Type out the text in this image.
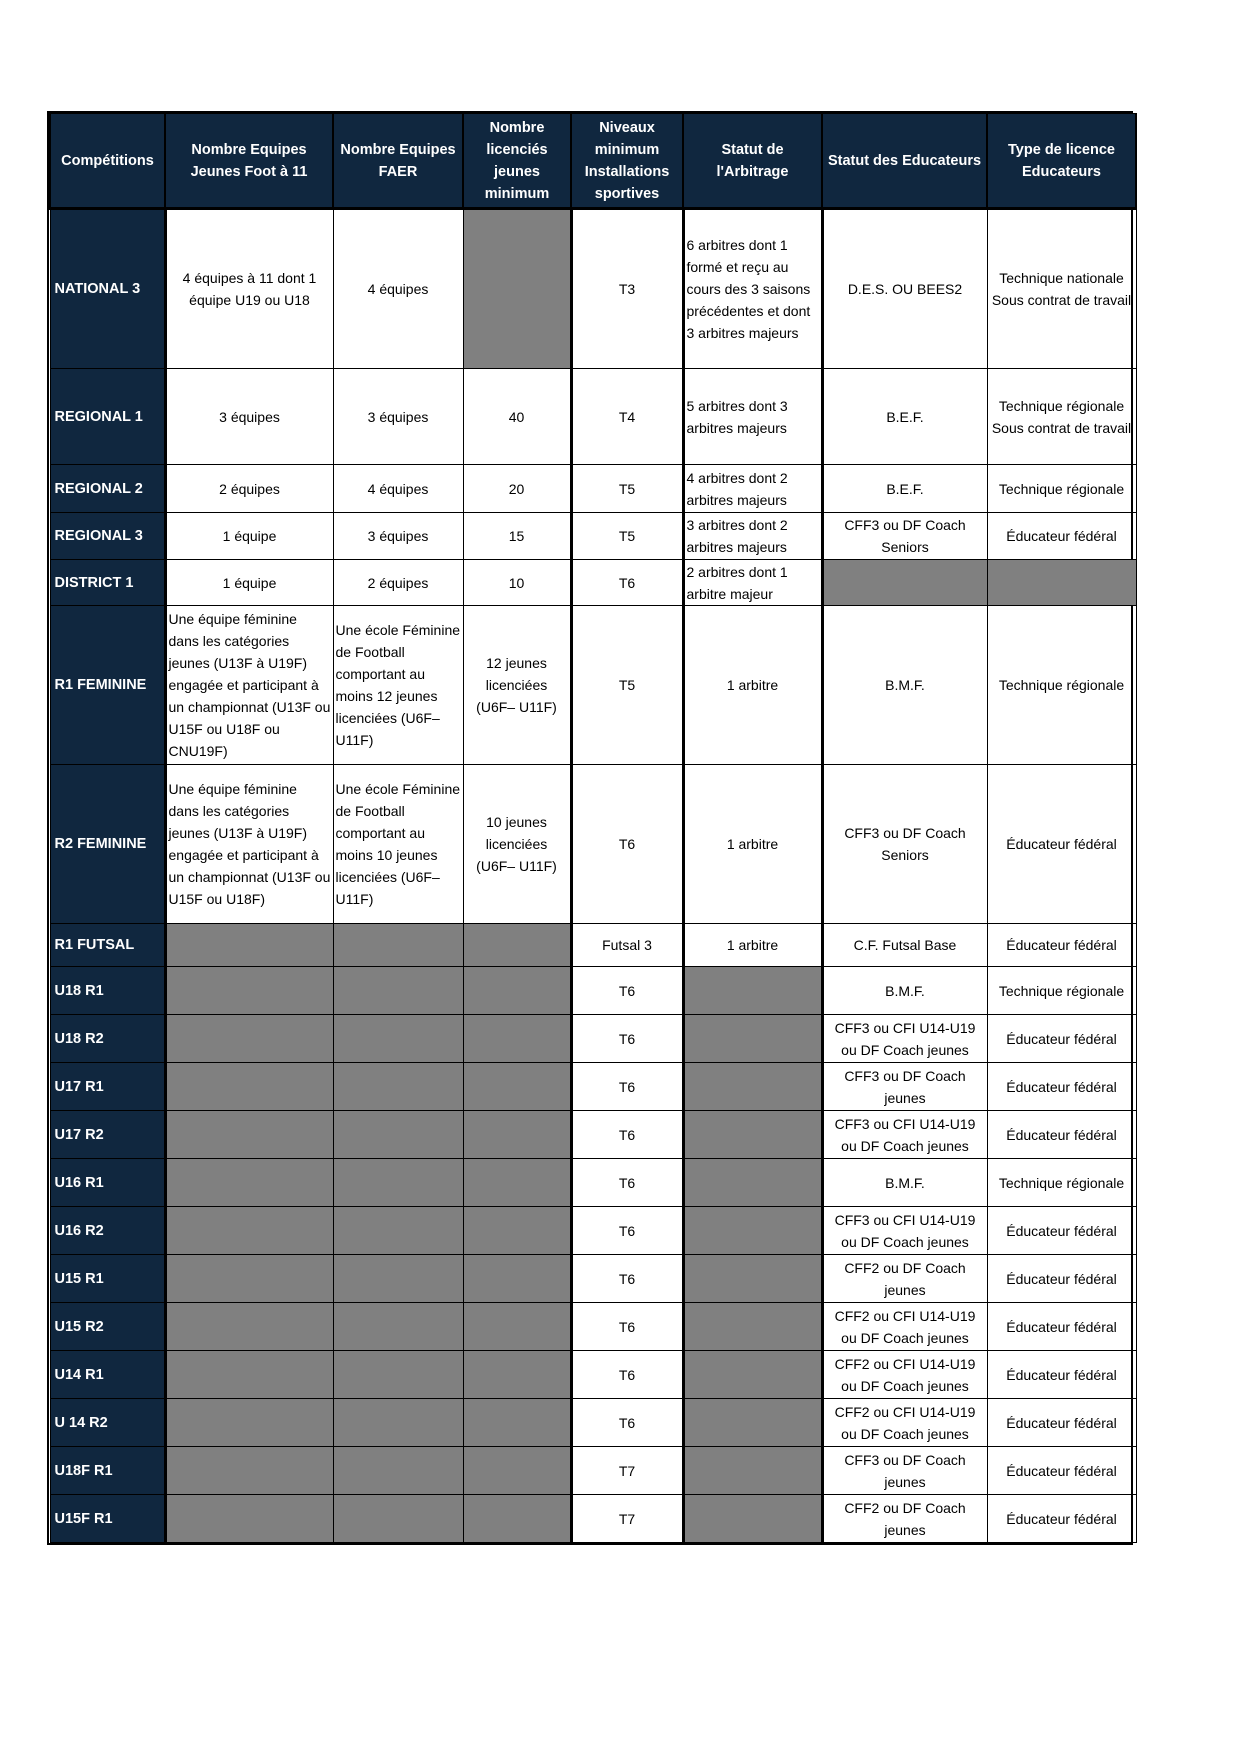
Compétitions	Nombre Equipes Jeunes Foot à 11	Nombre Equipes FAER	Nombre licenciés jeunes minimum	Niveaux minimum Installations sportives	Statut de l'Arbitrage	Statut des Educateurs	Type de licence Educateurs
NATIONAL 3	4 équipes à 11 dont 1 équipe U19 ou U18	4 équipes		T3	6 arbitres dont 1 formé et reçu au cours des 3 saisons précédentes et dont 3 arbitres majeurs	D.E.S. OU BEES2	Technique nationale Sous contrat de travail
REGIONAL 1	3 équipes	3 équipes	40	T4	5 arbitres dont 3 arbitres majeurs	B.E.F.	Technique régionale Sous contrat de travail
REGIONAL 2	2 équipes	4 équipes	20	T5	4 arbitres dont 2 arbitres majeurs	B.E.F.	Technique régionale
REGIONAL 3	1 équipe	3 équipes	15	T5	3 arbitres dont 2 arbitres majeurs	CFF3 ou DF Coach Seniors	Éducateur fédéral
DISTRICT 1	1 équipe	2 équipes	10	T6	2 arbitres dont 1 arbitre majeur		
R1 FEMININE	Une équipe féminine dans les catégories jeunes (U13F à U19F) engagée et participant à un championnat (U13F ou U15F ou U18F ou CNU19F)	Une école Féminine de Football comportant au moins 12 jeunes licenciées (U6F–U11F)	12 jeunes licenciées (U6F– U11F)	T5	1 arbitre	B.M.F.	Technique régionale
R2 FEMININE	Une équipe féminine dans les catégories jeunes (U13F à U19F) engagée et participant à un championnat (U13F ou U15F ou U18F)	Une école Féminine de Football comportant au moins 10 jeunes licenciées (U6F–U11F)	10 jeunes licenciées (U6F– U11F)	T6	1 arbitre	CFF3 ou DF Coach Seniors	Éducateur fédéral
R1 FUTSAL				Futsal 3	1 arbitre	C.F. Futsal Base	Éducateur fédéral
U18 R1				T6		B.M.F.	Technique régionale
U18 R2				T6		CFF3 ou CFI U14-U19 ou DF Coach jeunes	Éducateur fédéral
U17 R1				T6		CFF3 ou DF Coach jeunes	Éducateur fédéral
U17 R2				T6		CFF3 ou CFI U14-U19 ou DF Coach jeunes	Éducateur fédéral
U16 R1				T6		B.M.F.	Technique régionale
U16 R2				T6		CFF3 ou CFI U14-U19 ou DF Coach jeunes	Éducateur fédéral
U15 R1				T6		CFF2 ou DF Coach jeunes	Éducateur fédéral
U15 R2				T6		CFF2 ou CFI U14-U19 ou DF Coach jeunes	Éducateur fédéral
U14 R1				T6		CFF2 ou CFI U14-U19 ou DF Coach jeunes	Éducateur fédéral
U 14 R2				T6		CFF2 ou CFI U14-U19 ou DF Coach jeunes	Éducateur fédéral
U18F R1				T7		CFF3 ou DF Coach jeunes	Éducateur fédéral
U15F R1				T7		CFF2 ou DF Coach jeunes	Éducateur fédéral
